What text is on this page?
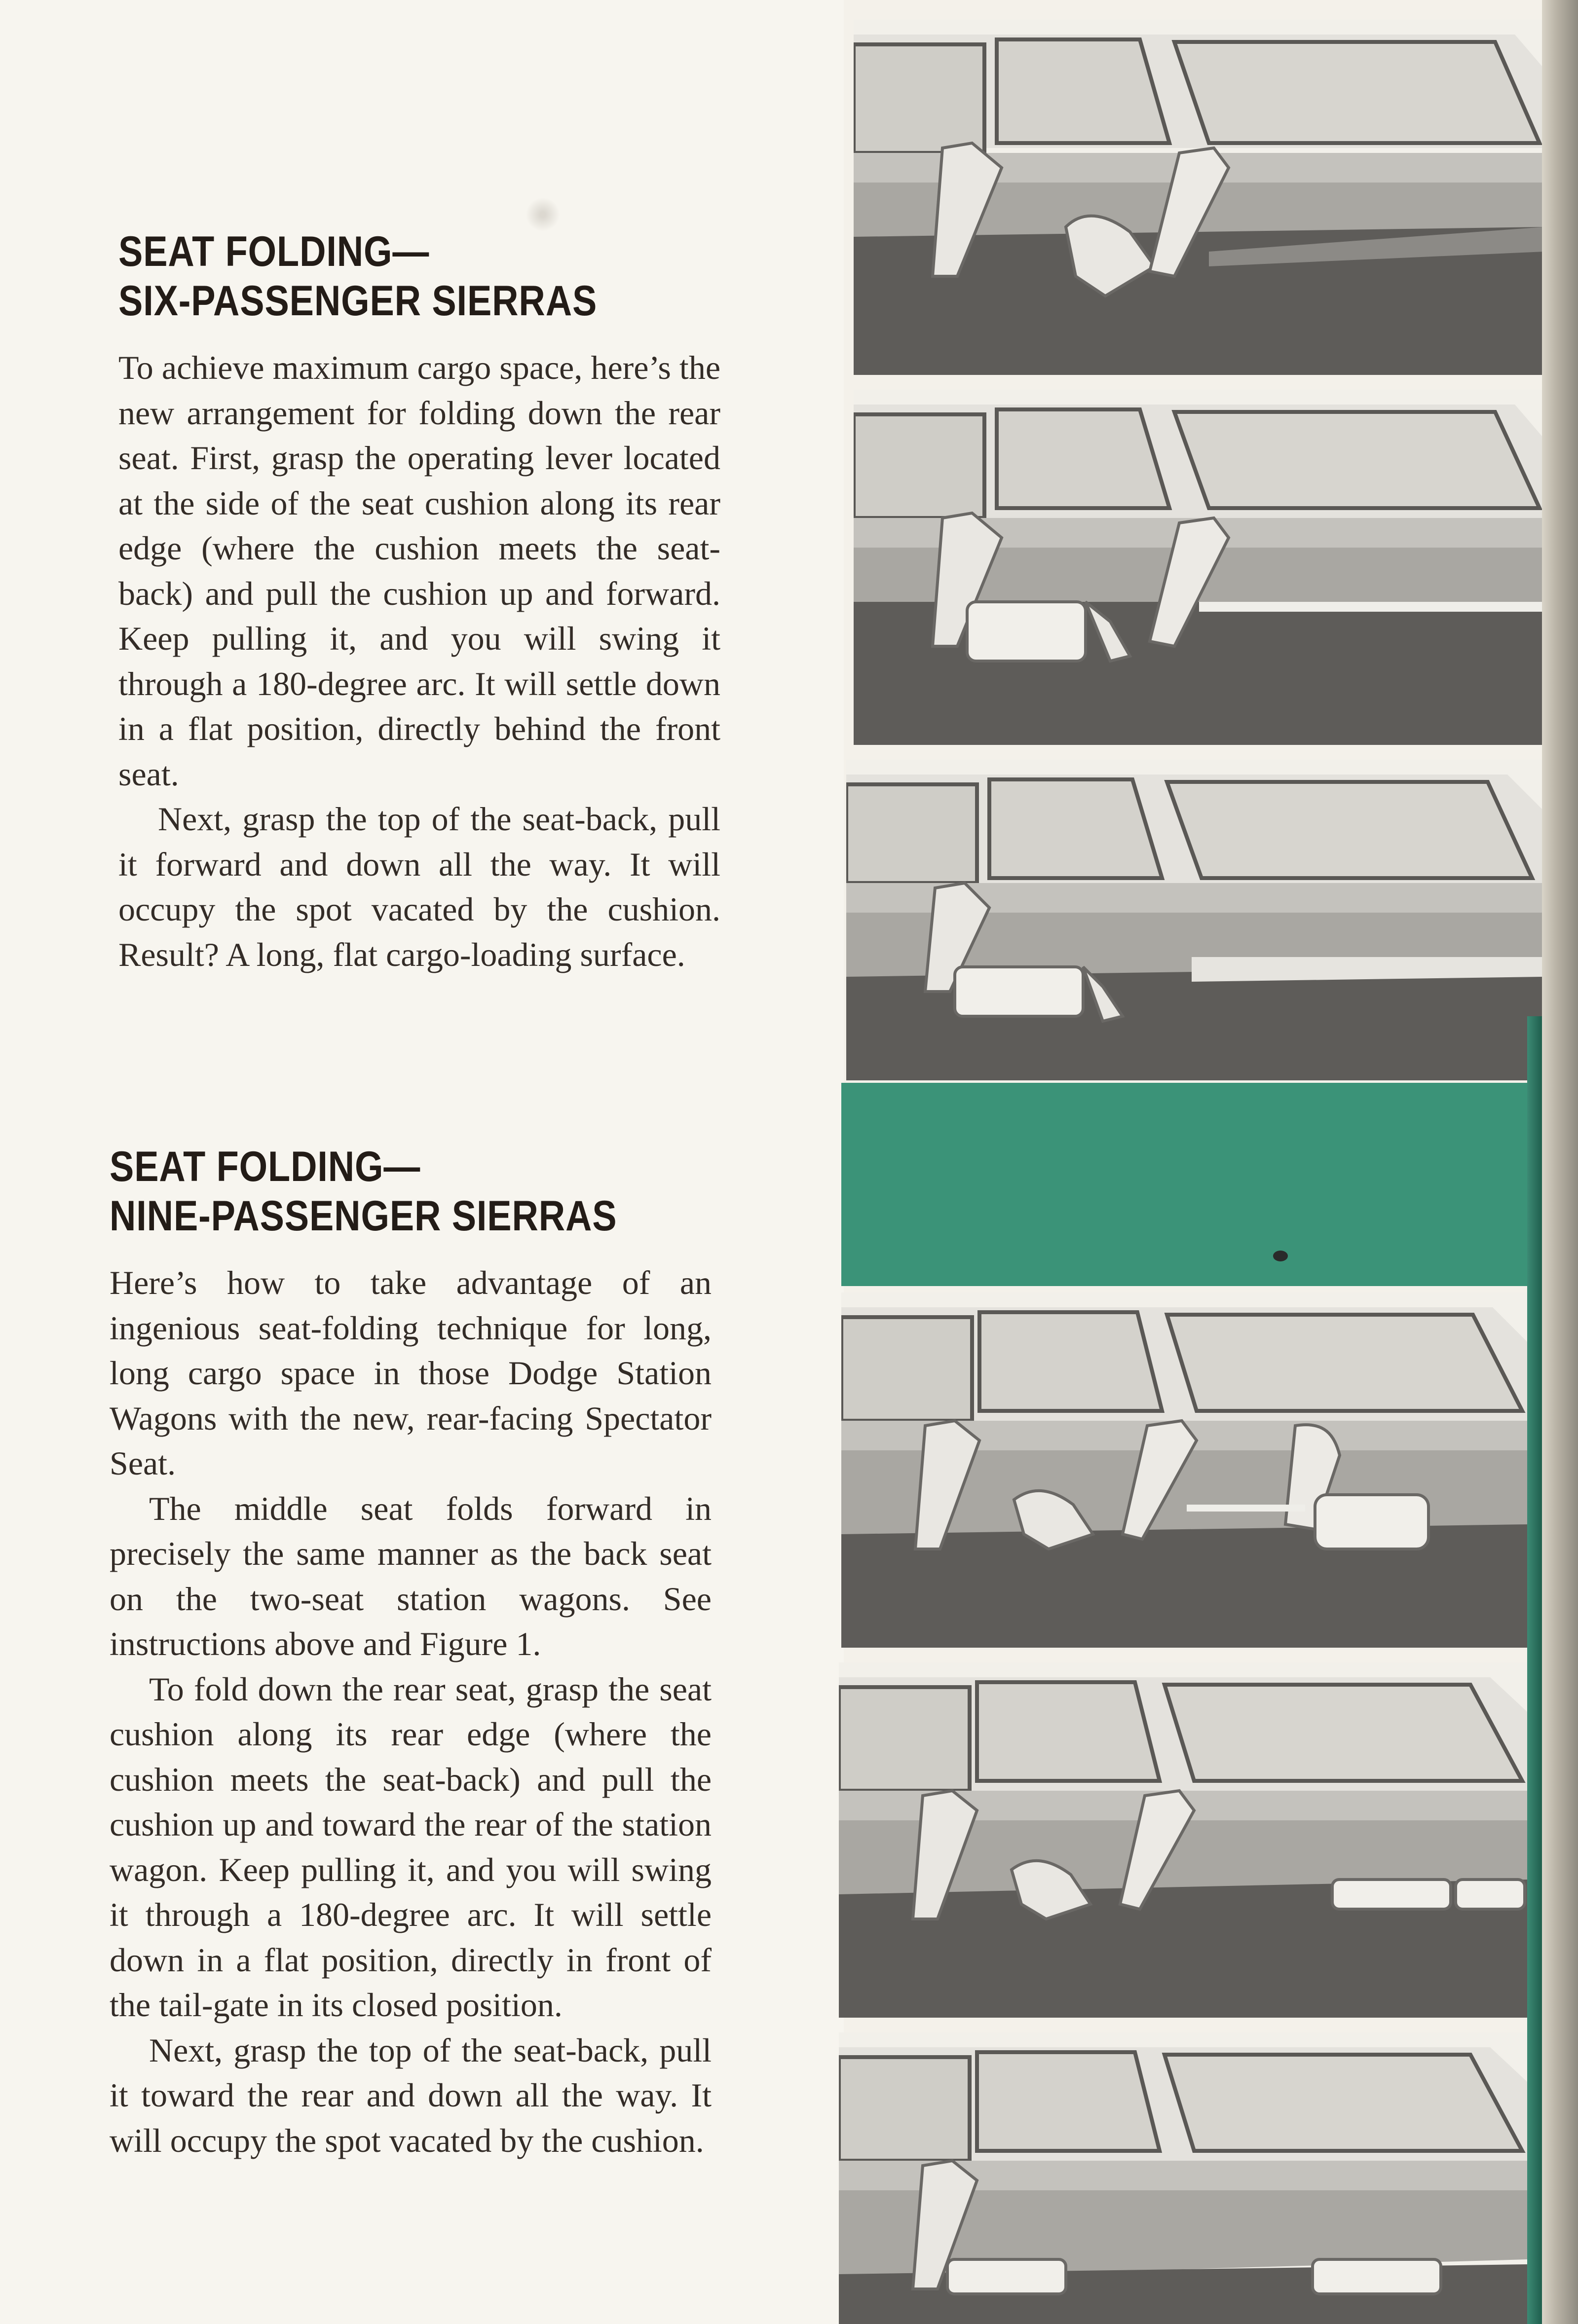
SEAT FOLDING—
SIX-PASSENGER SIERRAS

To achieve maximum cargo space, here’s the new arrangement for folding down the rear seat. First, grasp the operating lever located at the side of the seat cushion along its rear edge (where the cushion meets the seat-back) and pull the cushion up and forward. Keep pulling it, and you will swing it through a 180-degree arc. It will settle down in a flat position, directly behind the front seat.

Next, grasp the top of the seat-back, pull it forward and down all the way. It will occupy the spot vacated by the cushion. Result? A long, flat cargo-loading surface.

SEAT FOLDING—
NINE-PASSENGER SIERRAS

Here’s how to take advantage of an ingenious seat-folding technique for long, long cargo space in those Dodge Station Wagons with the new, rear-facing Spectator Seat.

The middle seat folds forward in precisely the same manner as the back seat on the two-seat station wagons. See instructions above and Figure 1.

To fold down the rear seat, grasp the seat cushion along its rear edge (where the cushion meets the seat-back) and pull the cushion up and toward the rear of the station wagon. Keep pulling it, and you will swing it through a 180-degree arc. It will settle down in a flat position, directly in front of the tail-gate in its closed position.

Next, grasp the top of the seat-back, pull it toward the rear and down all the way. It will occupy the spot vacated by the cushion.
